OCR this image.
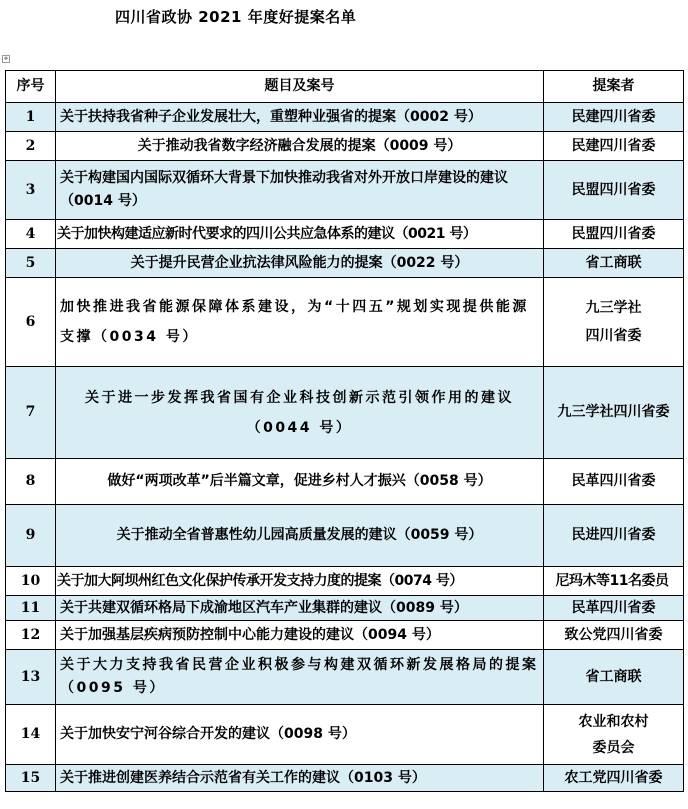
四川省政协 2021 年度好提案名单
✥
序号	题目及案号	提案者
1	关于扶持我省种子企业发展壮大，重塑种业强省的提案（0002 号）	民建四川省委
2	关于推动我省数字经济融合发展的提案（0009 号）	民建四川省委
3	关于构建国内国际双循环大背景下加快推动我省对外开放口岸建设的建议（0014 号）	民盟四川省委
4	关于加快构建适应新时代要求的四川公共应急体系的建议（0021 号）	民盟四川省委
5	关于提升民营企业抗法律风险能力的提案（0022 号）	省工商联
6	加快推进我省能源保障体系建设，为“十四五”规划实现提供能源支撑（0034 号）	九三学社
四川省委

7	关于进一步发挥我省国有企业科技创新示范引领作用的建议（0044 号）	九三学社四川省委
8	做好“两项改革”后半篇文章，促进乡村人才振兴（0058 号）	民革四川省委
9	关于推动全省普惠性幼儿园高质量发展的建议（0059 号）	民进四川省委
10	关于加大阿坝州红色文化保护传承开发支持力度的提案（0074 号）	尼玛木等11名委员
11	关于共建双循环格局下成渝地区汽车产业集群的建议（0089 号）	民革四川省委
12	关于加强基层疾病预防控制中心能力建设的建议（0094 号）	致公党四川省委
13	关于大力支持我省民营企业积极参与构建双循环新发展格局的提案（0095 号）	省工商联
14	关于加快安宁河谷综合开发的建议（0098 号）	农业和农村
委员会

15	关于推进创建医养结合示范省有关工作的建议（0103 号）	农工党四川省委
